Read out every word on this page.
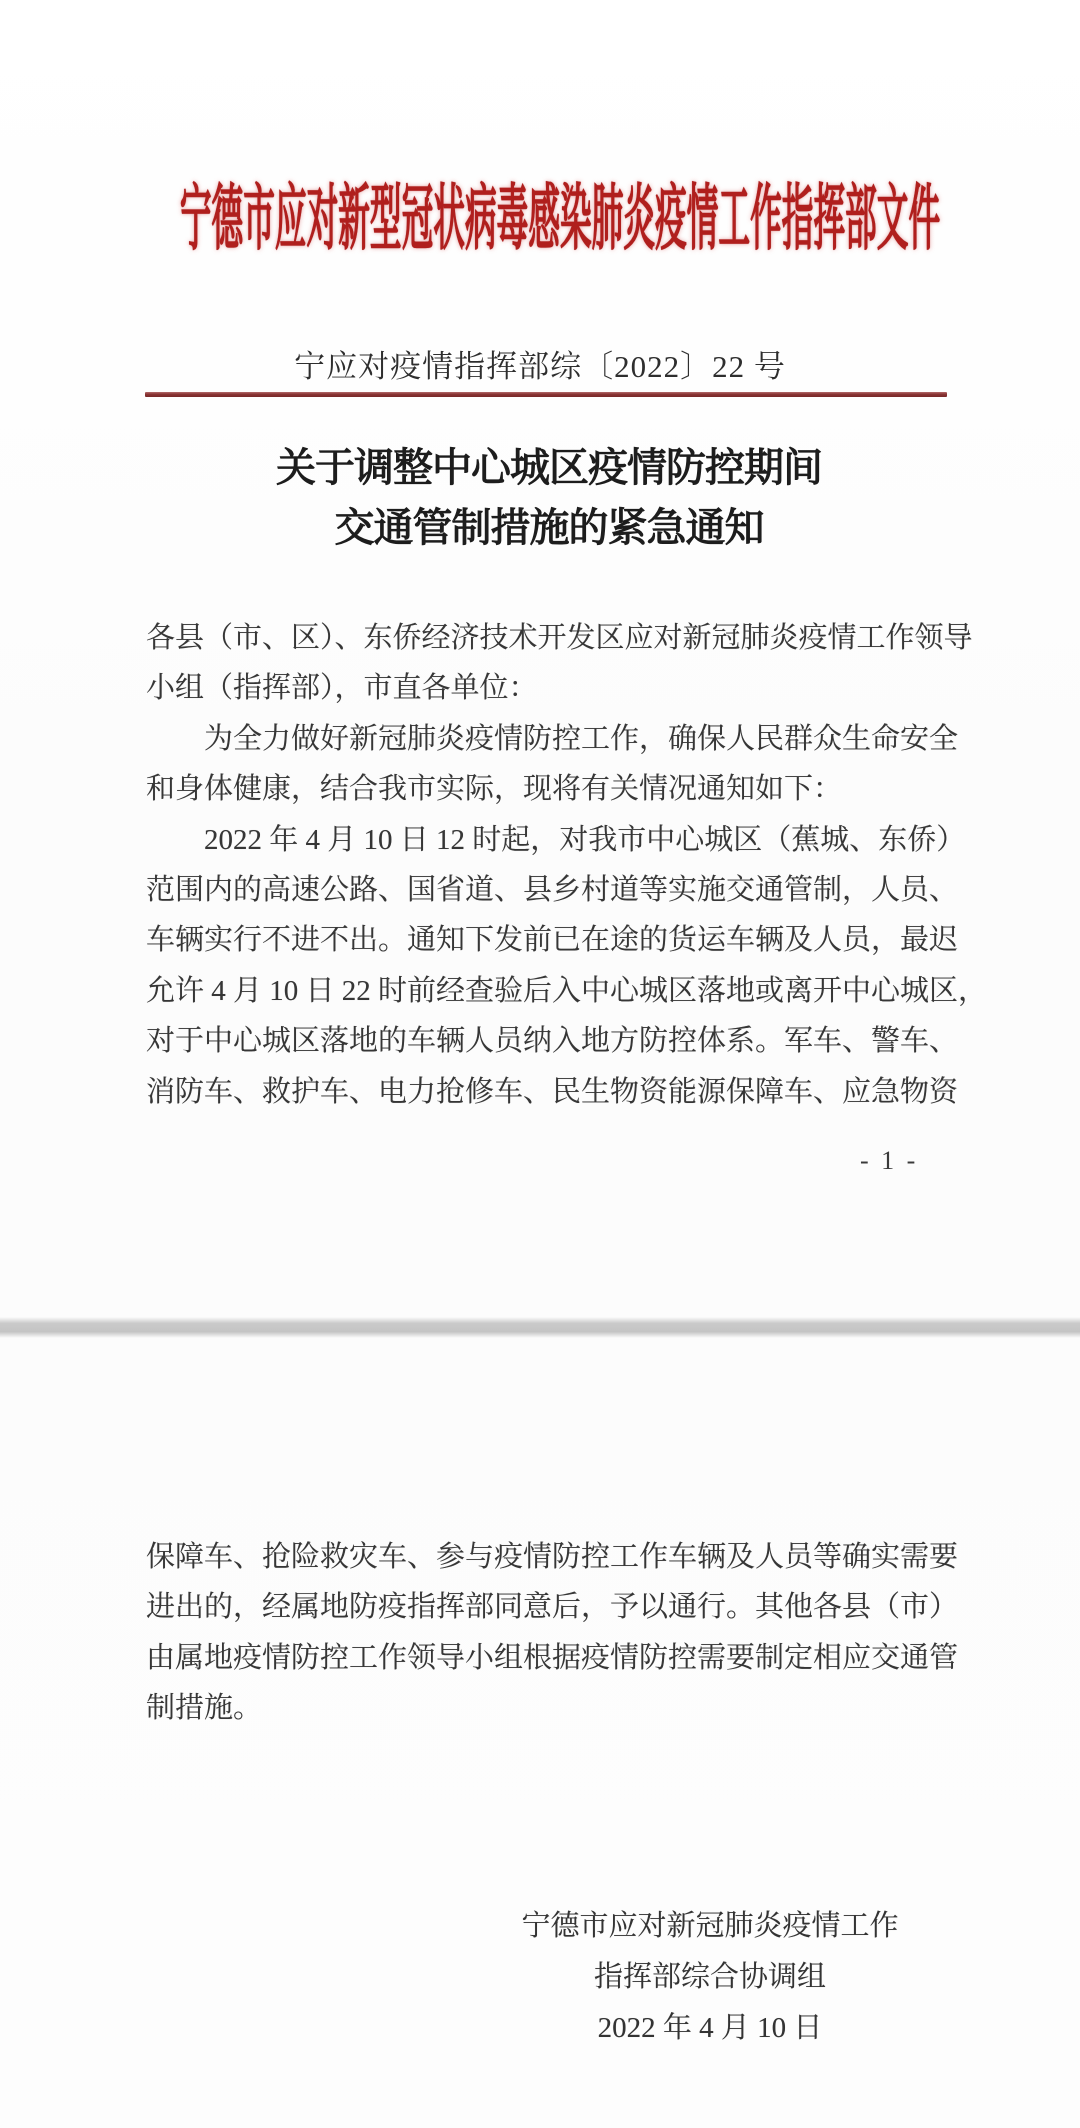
宁德市应对新型冠状病毒感染肺炎疫情工作指挥部文件
宁应对疫情指挥部综〔2022〕22 号
关于调整中心城区疫情防控期间
交通管制措施的紧急通知
各县（市、区）、东侨经济技术开发区应对新冠肺炎疫情工作领导
小组（指挥部），市直各单位：
　　为全力做好新冠肺炎疫情防控工作，确保人民群众生命安全
和身体健康，结合我市实际，现将有关情况通知如下：
　　2022 年 4 月 10 日 12 时起，对我市中心城区（蕉城、东侨）
范围内的高速公路、国省道、县乡村道等实施交通管制，人员、
车辆实行不进不出。通知下发前已在途的货运车辆及人员，最迟
允许 4 月 10 日 22 时前经查验后入中心城区落地或离开中心城区，
对于中心城区落地的车辆人员纳入地方防控体系。军车、警车、
消防车、救护车、电力抢修车、民生物资能源保障车、应急物资
- 1 -
保障车、抢险救灾车、参与疫情防控工作车辆及人员等确实需要
进出的，经属地防疫指挥部同意后，予以通行。其他各县（市）
由属地疫情防控工作领导小组根据疫情防控需要制定相应交通管
制措施。
宁德市应对新冠肺炎疫情工作
指挥部综合协调组
2022 年 4 月 10 日
